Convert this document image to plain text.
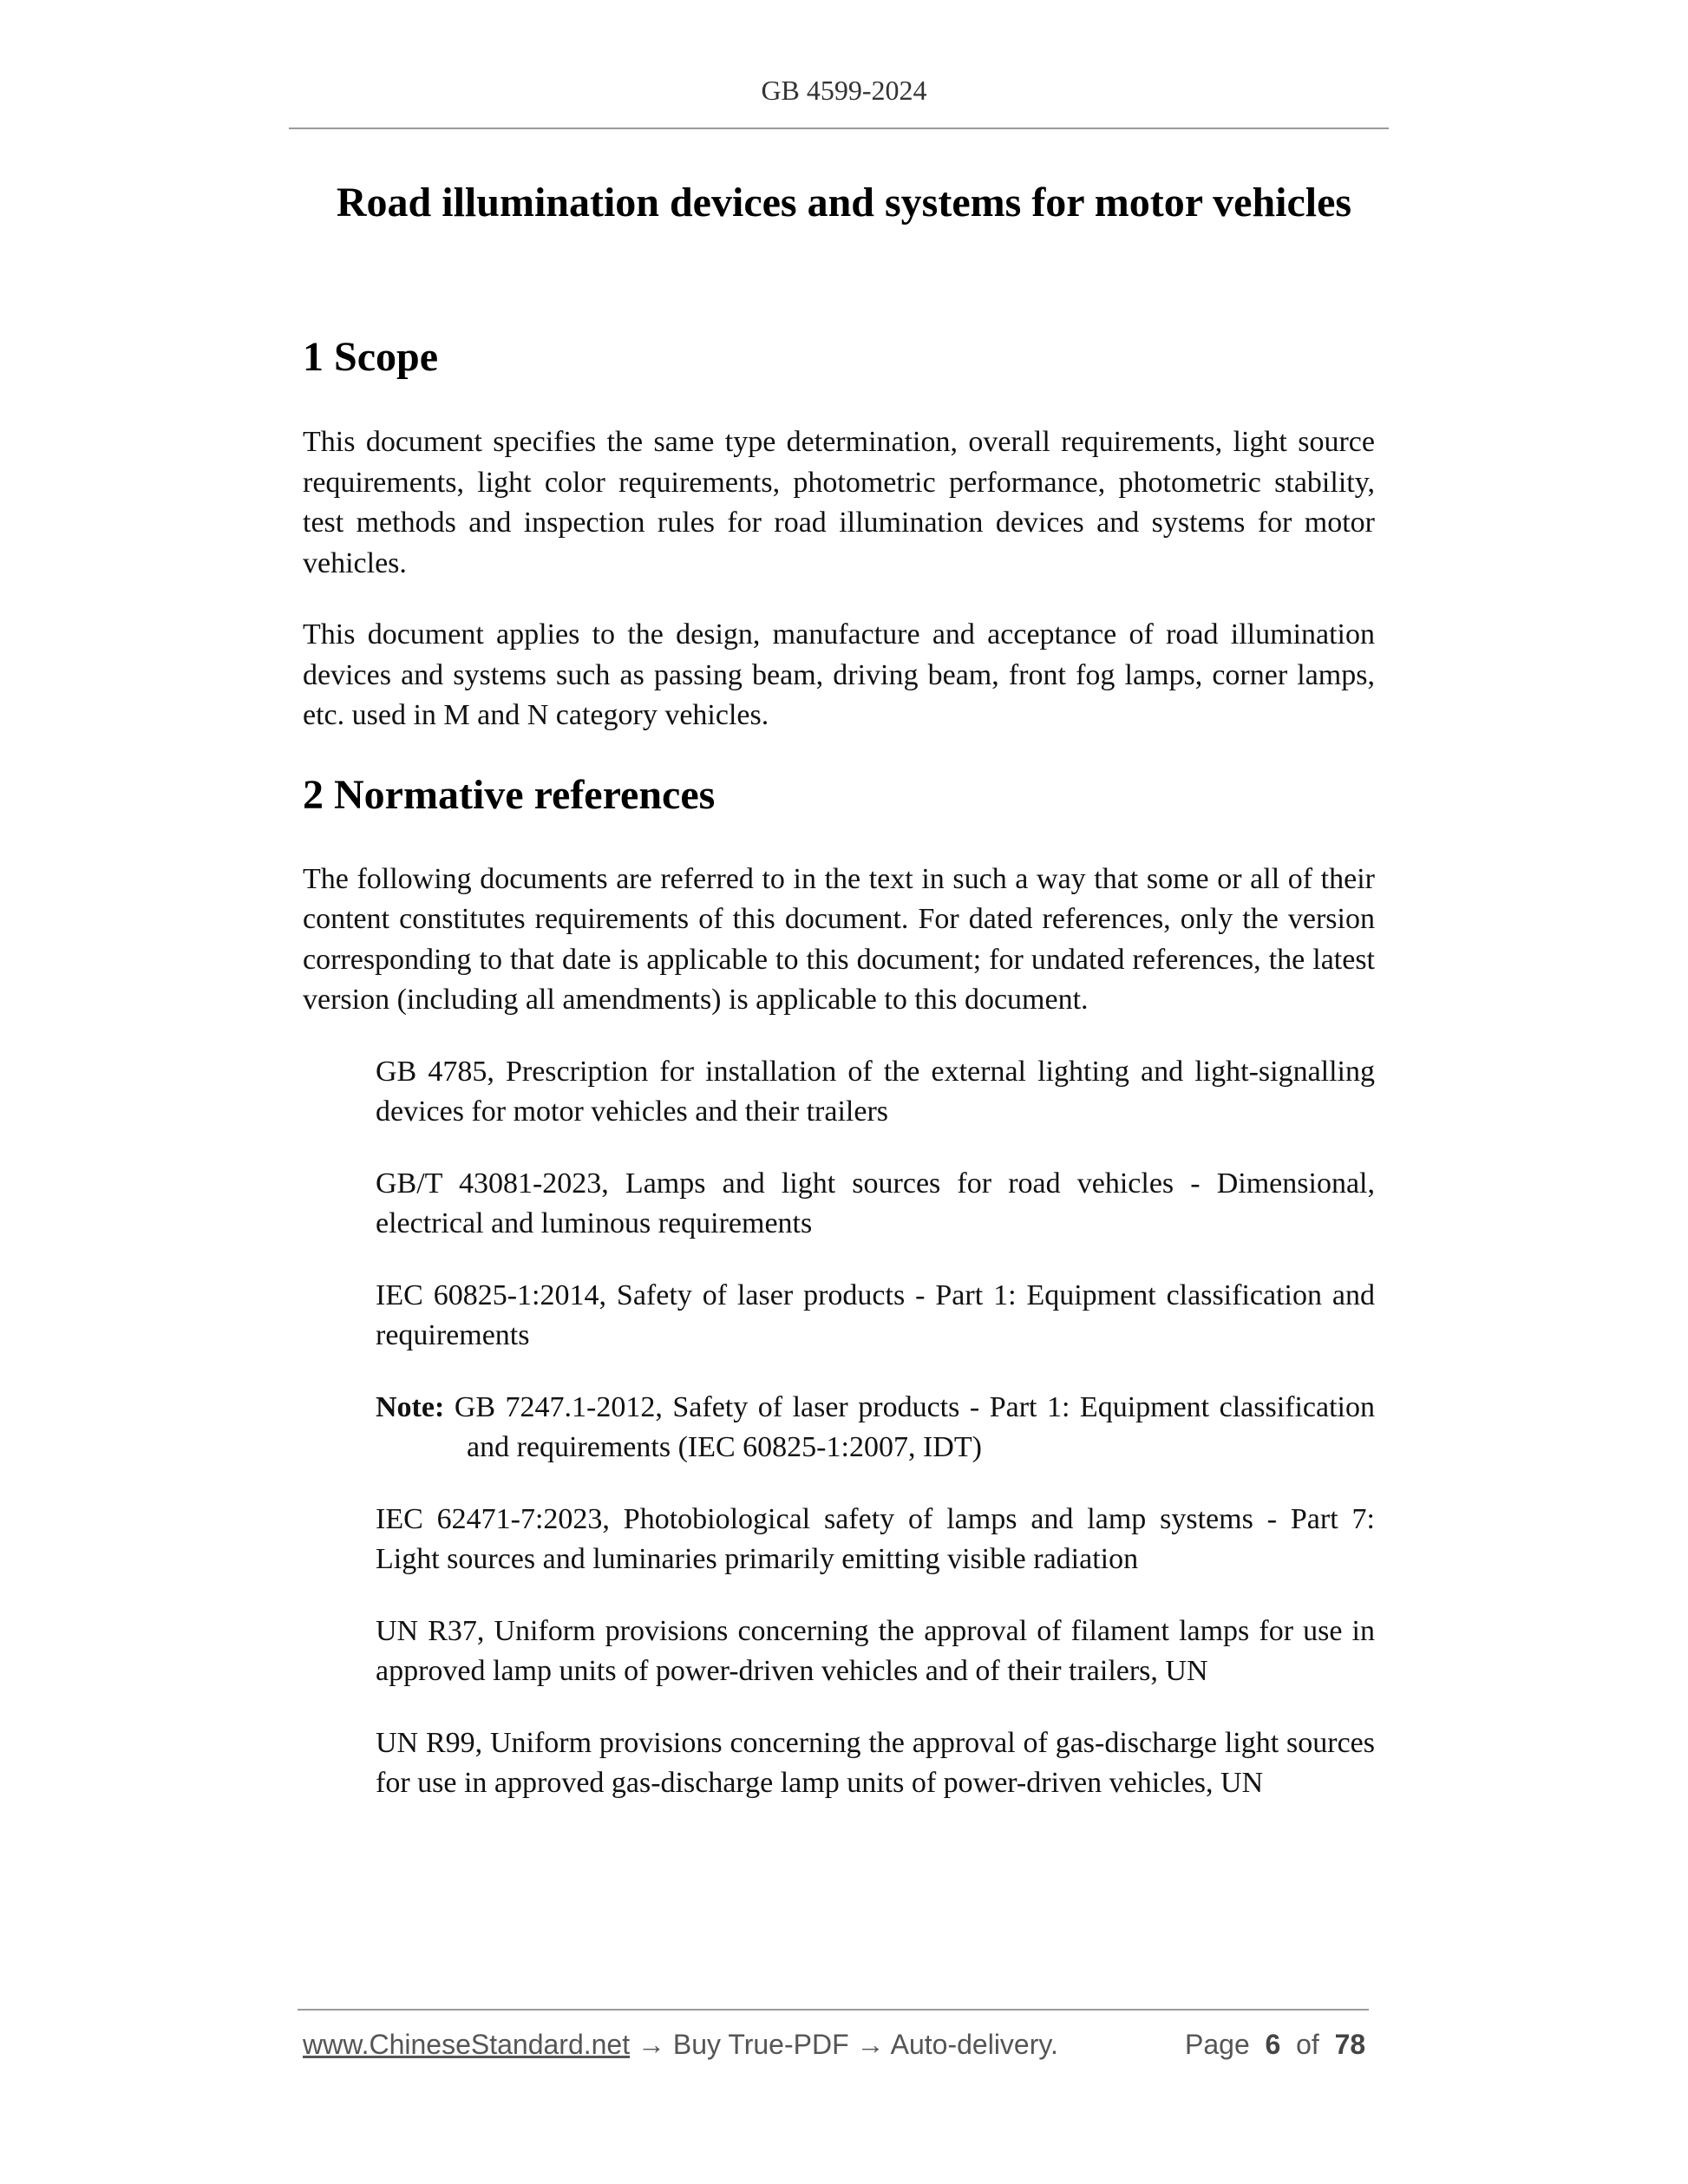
GB 4599-2024
Road illumination devices and systems for motor vehicles
1 Scope

This document specifies the same type determination, overall requirements, light source requirements, light color requirements, photometric performance, photometric stability, test methods and inspection rules for road illumination devices and systems for motor vehicles.

This document applies to the design, manufacture and acceptance of road illumination devices and systems such as passing beam, driving beam, front fog lamps, corner lamps, etc. used in M and N category vehicles.

2 Normative references

The following documents are referred to in the text in such a way that some or all of their content constitutes requirements of this document. For dated references, only the version corresponding to that date is applicable to this document; for undated references, the latest version (including all amendments) is applicable to this document.

GB 4785, Prescription for installation of the external lighting and light-signalling devices for motor vehicles and their trailers

GB/T 43081-2023, Lamps and light sources for road vehicles - Dimensional, electrical and luminous requirements

IEC 60825-1:2014, Safety of laser products - Part 1: Equipment classification and requirements

Note: GB 7247.1-2012, Safety of laser products - Part 1: Equipment classification and requirements (IEC 60825-1:2007, IDT)

IEC 62471-7:2023, Photobiological safety of lamps and lamp systems - Part 7: Light sources and luminaries primarily emitting visible radiation

UN R37, Uniform provisions concerning the approval of filament lamps for use in approved lamp units of power-driven vehicles and of their trailers, UN

UN R99, Uniform provisions concerning the approval of gas-discharge light sources for use in approved gas-discharge lamp units of power-driven vehicles, UN

www.ChineseStandard.net → Buy True-PDF → Auto-delivery.	Page 6 of 78
